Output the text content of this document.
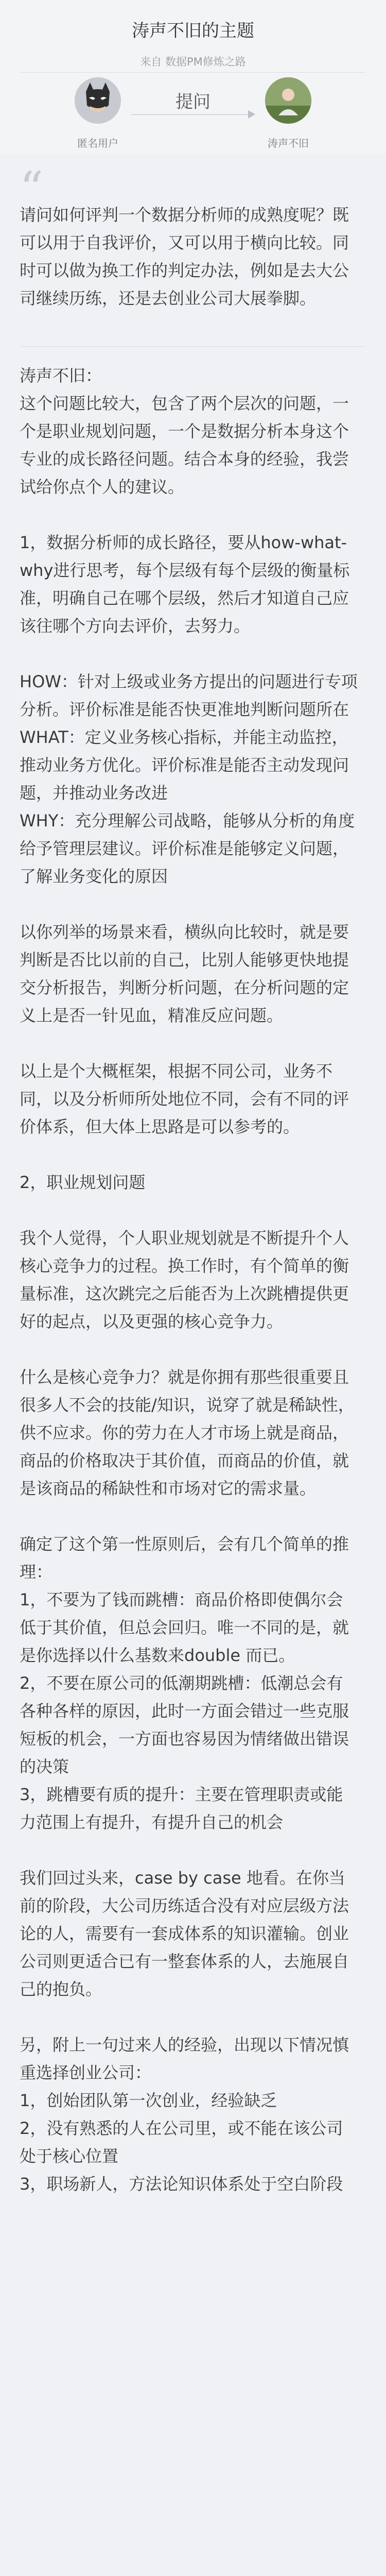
涛声不旧的主题
来自 数据PM修炼之路
匿名用户
提问
涛声不旧
“

请问如何评判一个数据分析师的成熟度呢？既可以用于自我评价，又可以用于横向比较。同时可以做为换工作的判定办法，例如是去大公司继续历练，还是去创业公司大展拳脚。

涛声不旧：
这个问题比较大，包含了两个层次的问题，一个是职业规划问题，一个是数据分析本身这个专业的成长路径问题。结合本身的经验，我尝试给你点个人的建议。

1，数据分析师的成长路径，要从how-what-why进行思考，每个层级有每个层级的衡量标准，明确自己在哪个层级，然后才知道自己应该往哪个方向去评价，去努力。

HOW：针对上级或业务方提出的问题进行专项分析。评价标准是能否快更准地判断问题所在
WHAT：定义业务核心指标，并能主动监控，推动业务方优化。评价标准是能否主动发现问题，并推动业务改进
WHY：充分理解公司战略，能够从分析的角度给予管理层建议。评价标准是能够定义问题，了解业务变化的原因

以你列举的场景来看，横纵向比较时，就是要判断是否比以前的自己，比别人能够更快地提交分析报告，判断分析问题，在分析问题的定义上是否一针见血，精准反应问题。

以上是个大概框架，根据不同公司，业务不同，以及分析师所处地位不同，会有不同的评价体系，但大体上思路是可以参考的。

2，职业规划问题

我个人觉得，个人职业规划就是不断提升个人核心竞争力的过程。换工作时，有个简单的衡量标准，这次跳完之后能否为上次跳槽提供更好的起点，以及更强的核心竞争力。

什么是核心竞争力？就是你拥有那些很重要且很多人不会的技能/知识，说穿了就是稀缺性，供不应求。你的劳力在人才市场上就是商品，商品的价格取决于其价值，而商品的价值，就是该商品的稀缺性和市场对它的需求量。

确定了这个第一性原则后，会有几个简单的推理：
1，不要为了钱而跳槽：商品价格即使偶尔会低于其价值，但总会回归。唯一不同的是，就是你选择以什么基数来double 而已。
2，不要在原公司的低潮期跳槽：低潮总会有各种各样的原因，此时一方面会错过一些克服短板的机会，一方面也容易因为情绪做出错误的决策
3，跳槽要有质的提升：主要在管理职责或能力范围上有提升，有提升自己的机会

我们回过头来，case by case 地看。在你当前的阶段，大公司历练适合没有对应层级方法论的人，需要有一套成体系的知识灌输。创业公司则更适合已有一整套体系的人，去施展自己的抱负。

另，附上一句过来人的经验，出现以下情况慎重选择创业公司：
1，创始团队第一次创业，经验缺乏
2，没有熟悉的人在公司里，或不能在该公司处于核心位置
3，职场新人，方法论知识体系处于空白阶段
